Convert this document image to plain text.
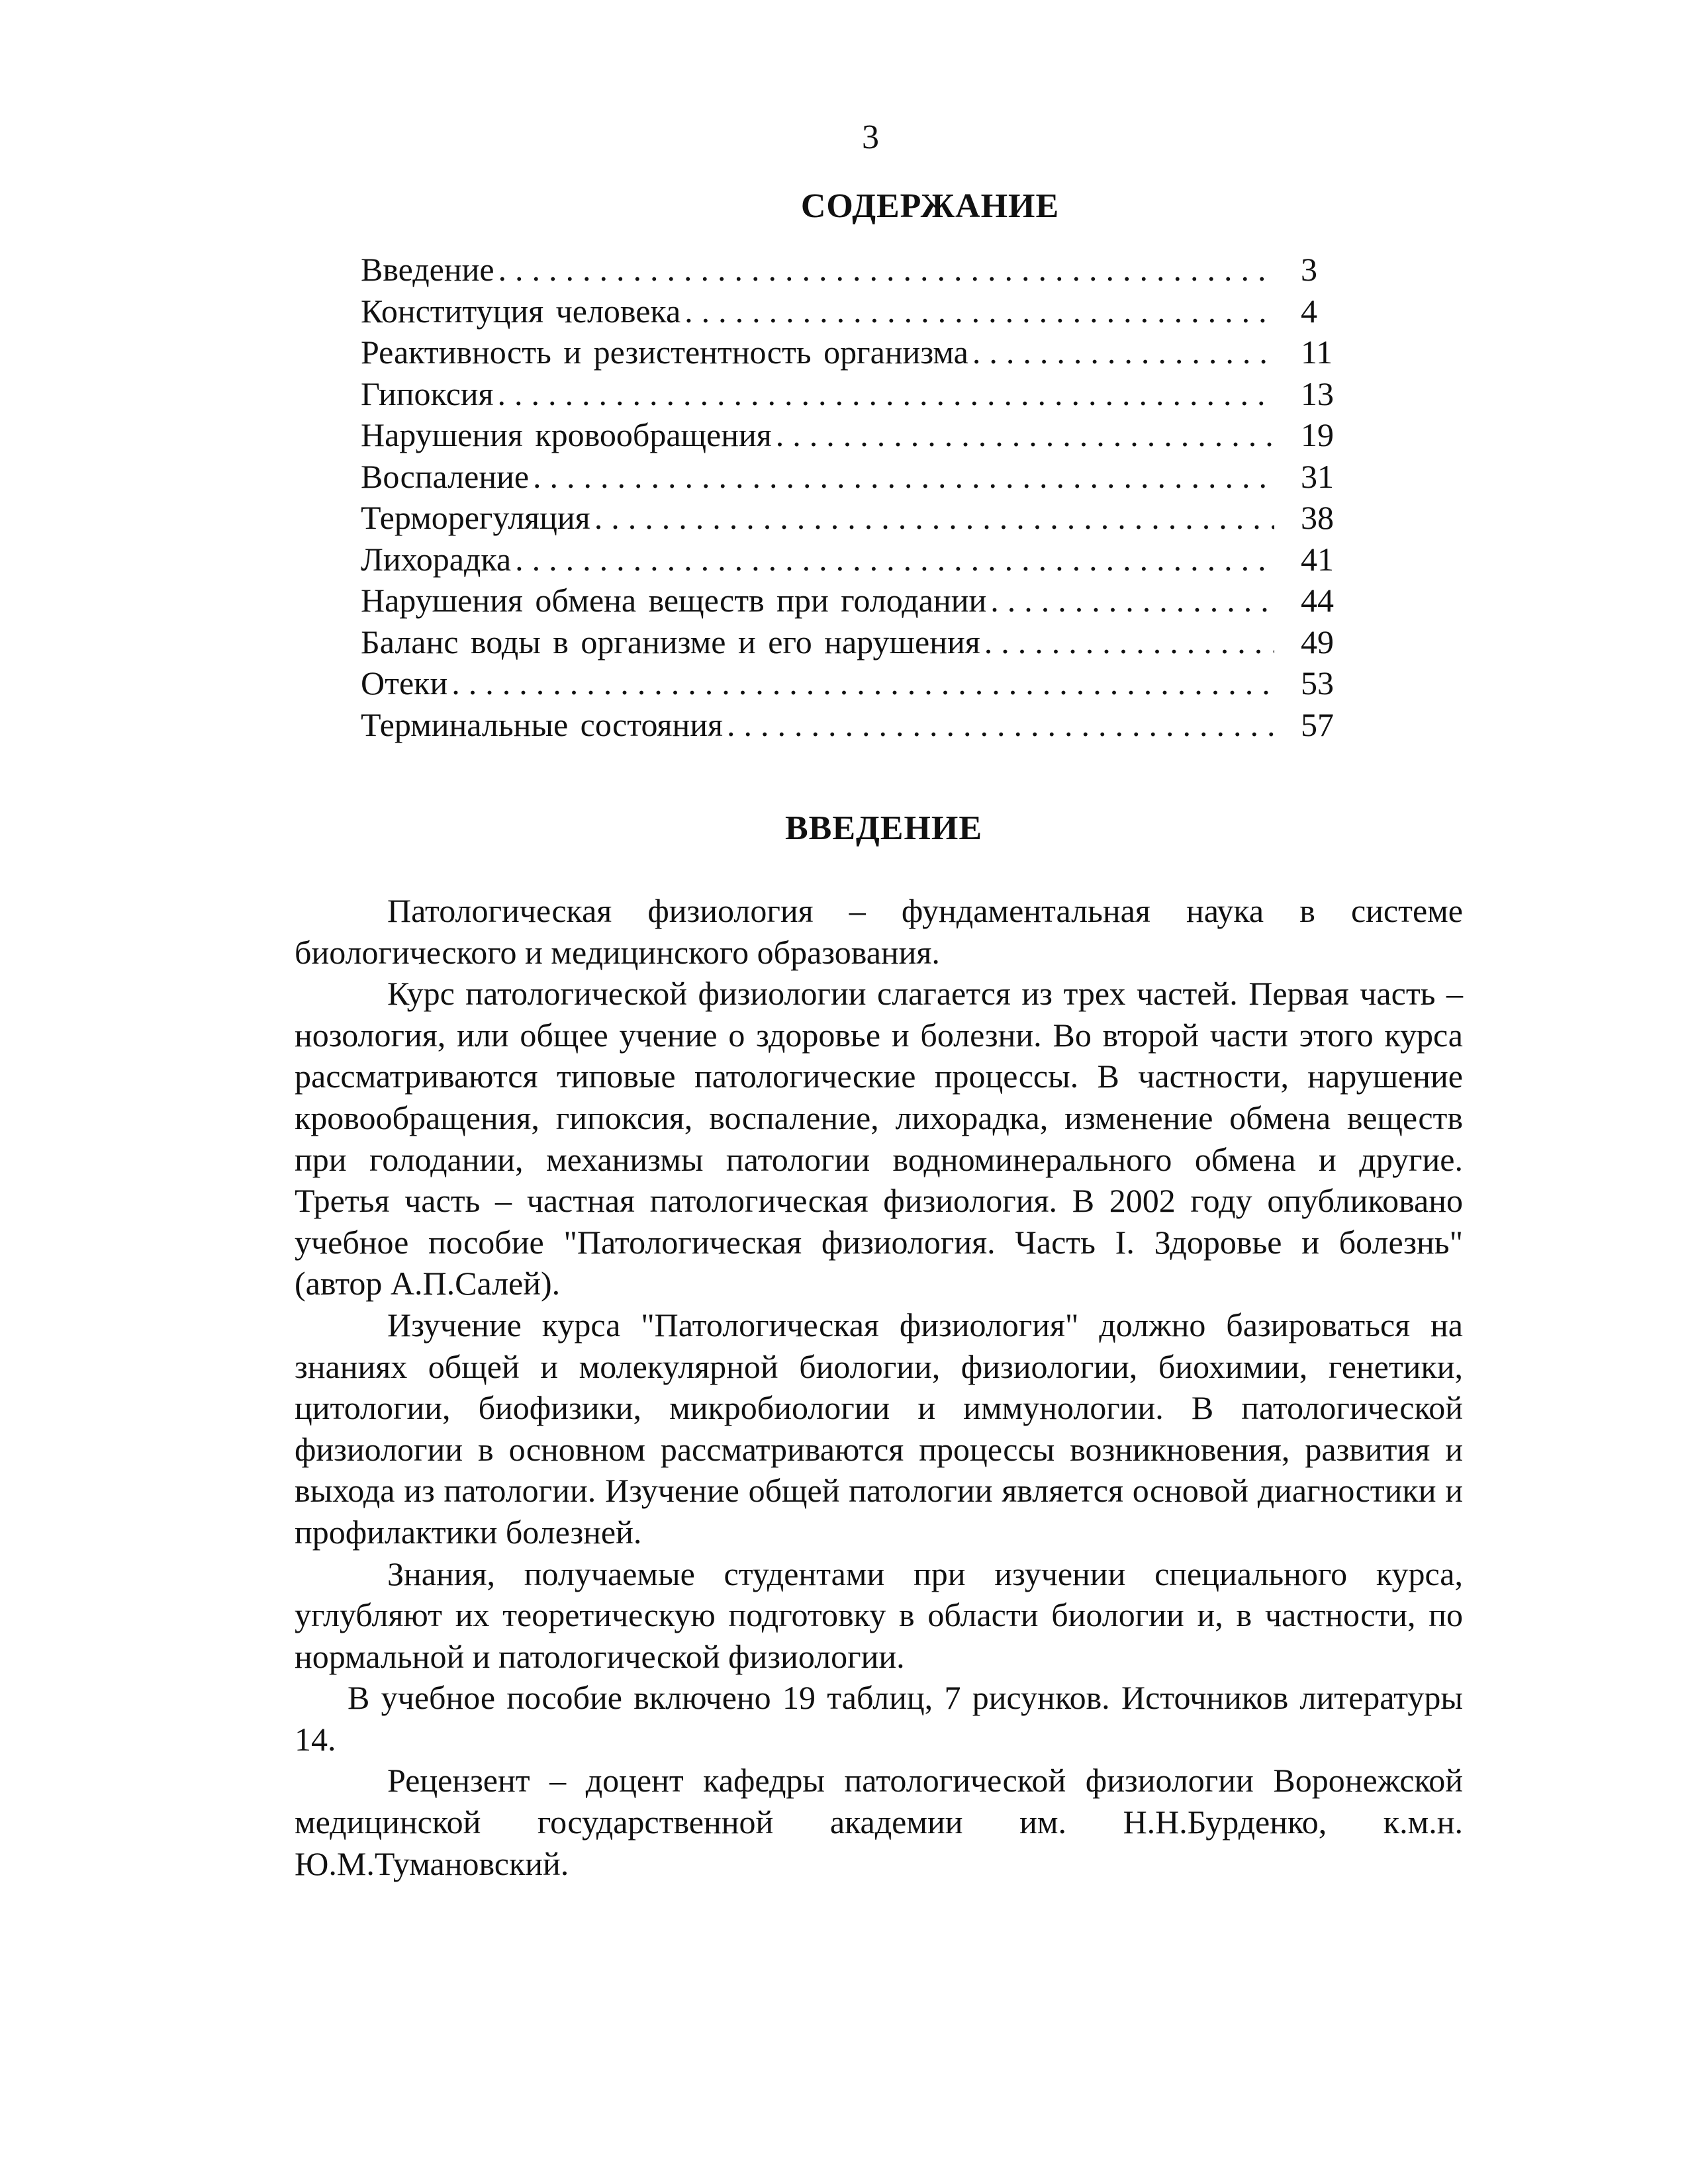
3
СОДЕРЖАНИЕ
Введение .....	3
Конституция человека .....	4
Реактивность и резистентность организма .....	11
Гипоксия .....	13
Нарушения кровообращения .....	19
Воспаление .....	31
Терморегуляция .....	38
Лихорадка .....	41
Нарушения обмена веществ при голодании .....	44
Баланс воды в организме и его нарушения .....	49
Отеки .....	53
Терминальные состояния .....	57
ВВЕДЕНИЕ

Патологическая физиология – фундаментальная наука в системе биологического и медицинского образования.

Курс патологической физиологии слагается из трех частей. Первая часть – нозология, или общее учение о здоровье и болезни. Во второй части этого курса рассматриваются типовые патологические процессы. В частности, нарушение кровообращения, гипоксия, воспаление, лихорадка, изменение обмена веществ при голодании, механизмы патологии водноминерального обмена и другие. Третья часть – частная патологическая физиология. В 2002 году опубликовано учебное пособие "Патологическая физиология. Часть I. Здоровье и болезнь" (автор А.П.Салей).

Изучение курса "Патологическая физиология" должно базироваться на знаниях общей и молекулярной биологии, физиологии, биохимии, генетики, цитологии, биофизики, микробиологии и иммунологии. В патологической физиологии в основном рассматриваются процессы возникновения, развития и выхода из патологии. Изучение общей патологии является основой диагностики и профилактики болезней.

Знания, получаемые студентами при изучении специального курса, углубляют их теоретическую подготовку в области биологии и, в частности, по нормальной и патологической физиологии.

В учебное пособие включено 19 таблиц, 7 рисунков. Источников литературы 14.

Рецензент – доцент кафедры патологической физиологии Воронежской медицинской государственной академии им. Н.Н.Бурденко, к.м.н. Ю.М.Тумановский.
